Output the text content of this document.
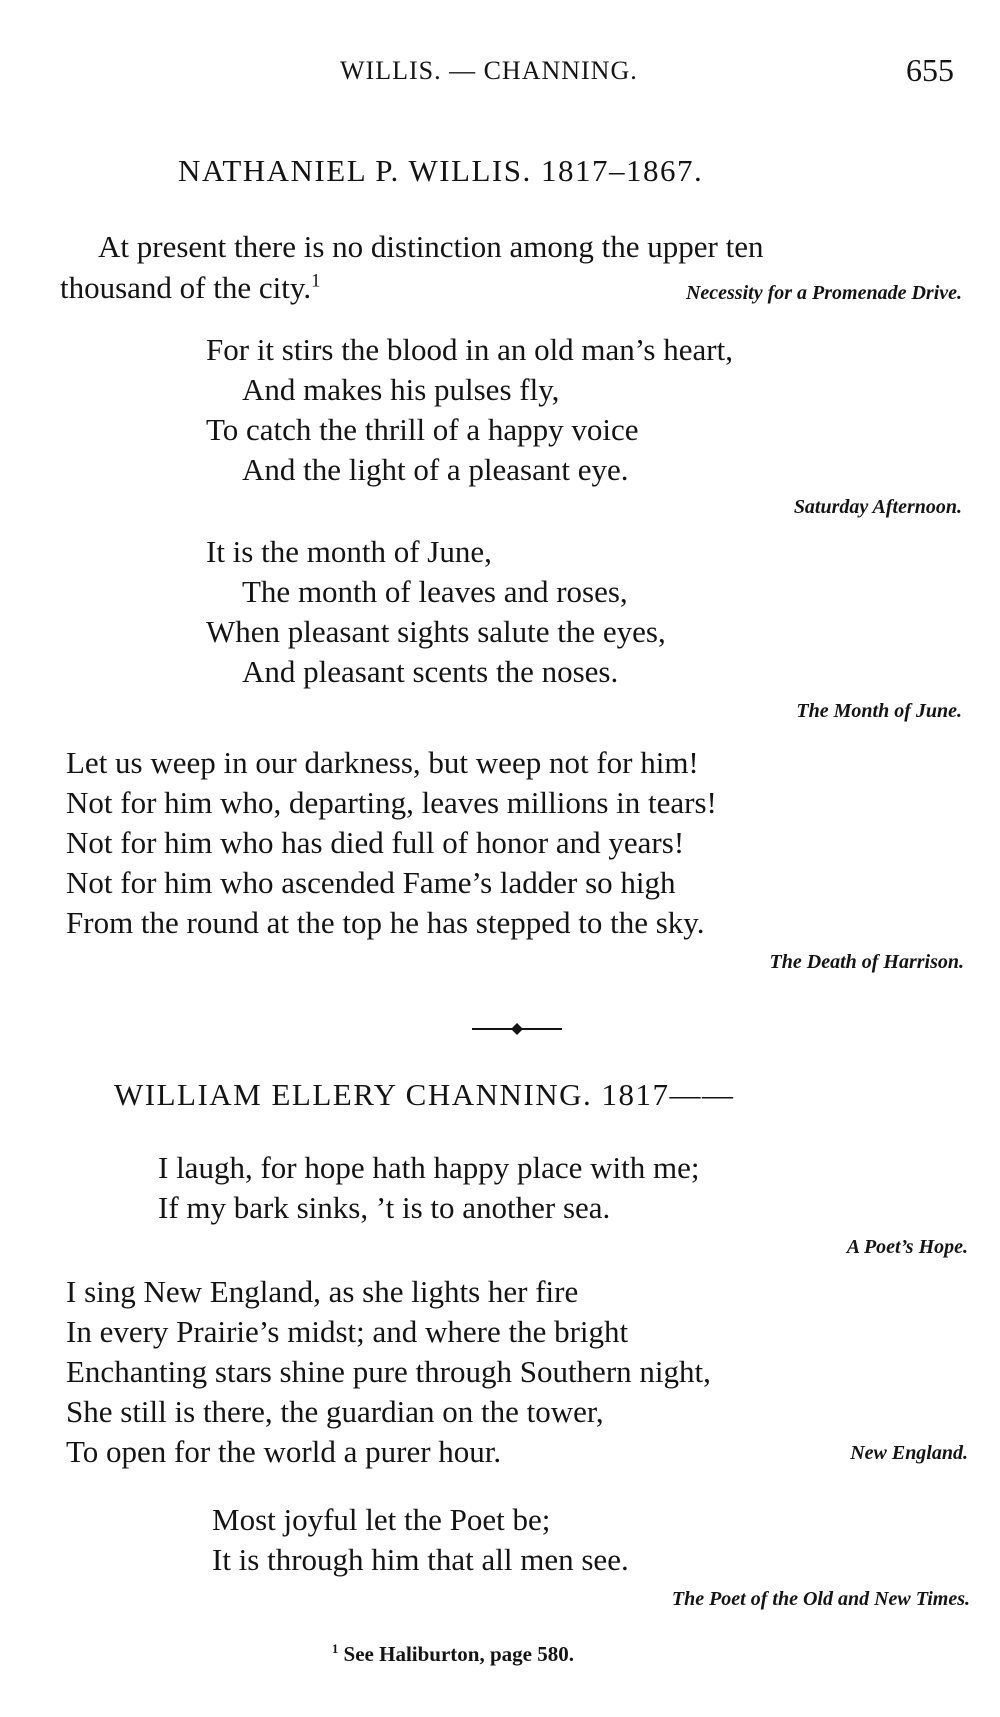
WILLIS. — CHANNING.	655
NATHANIEL P. WILLIS. 1817–1867.
At present there is no distinction among the upper ten
thousand of the city.$^1$
Necessity for a Promenade Drive.
For it stirs the blood in an old man’s heart,
And makes his pulses fly,
To catch the thrill of a happy voice
And the light of a pleasant eye.
Saturday Afternoon.
It is the month of June,
The month of leaves and roses,
When pleasant sights salute the eyes,
And pleasant scents the noses.
The Month of June.
Let us weep in our darkness, but weep not for him!
Not for him who, departing, leaves millions in tears!
Not for him who has died full of honor and years!
Not for him who ascended Fame’s ladder so high
From the round at the top he has stepped to the sky.
The Death of Harrison.
WILLIAM ELLERY CHANNING. 1817——
I laugh, for hope hath happy place with me;
If my bark sinks, ’t is to another sea.
A Poet’s Hope.
I sing New England, as she lights her fire
In every Prairie’s midst; and where the bright
Enchanting stars shine pure through Southern night,
She still is there, the guardian on the tower,
To open for the world a purer hour.	New England.
Most joyful let the Poet be;
It is through him that all men see.
The Poet of the Old and New Times.
$^1$ See Haliburton, page 580.
